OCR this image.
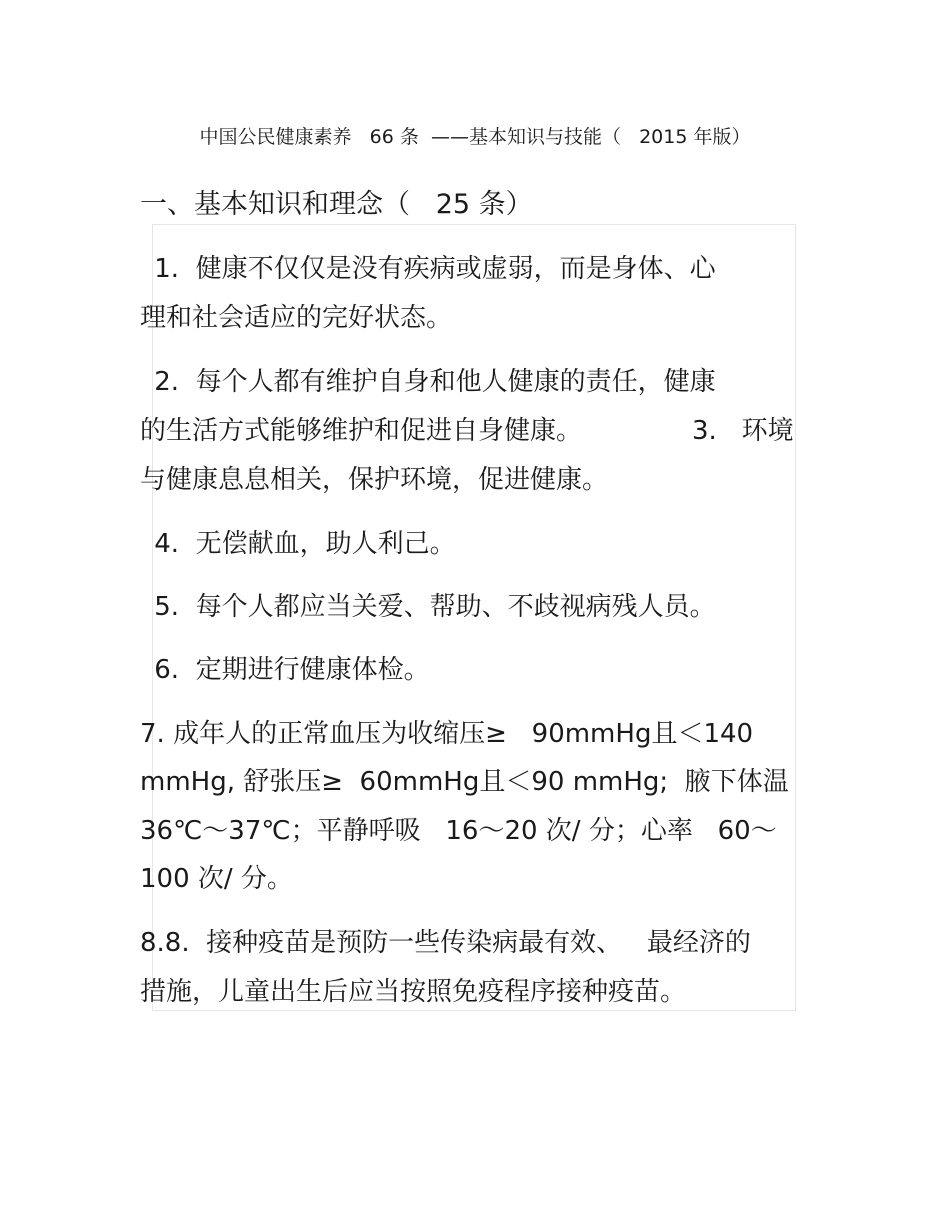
中国公民健康素养   66 条  ——基本知识与技能（   2015 年版）
一、基本知识和理念（   25 条）
1.  健康不仅仅是没有疾病或虚弱，而是身体、心
理和社会适应的完好状态。
2.  每个人都有维护自身和他人健康的责任，健康
的生活方式能够维护和促进自身健康。	3.   环境
与健康息息相关，保护环境，促进健康。
4.  无偿献血，助人利己。
5.  每个人都应当关爱、帮助、不歧视病残人员。
6.  定期进行健康体检。
7. 成年人的正常血压为收缩压≥   90mmHg且＜140
mmHg, 舒张压≥  60mmHg且＜90 mmHg;  腋下体温
36℃～37℃；平静呼吸   16～20 次/ 分；心率   60～
100 次/ 分。
8.8.  接种疫苗是预防一些传染病最有效、   最经济的
措施，儿童出生后应当按照免疫程序接种疫苗。
